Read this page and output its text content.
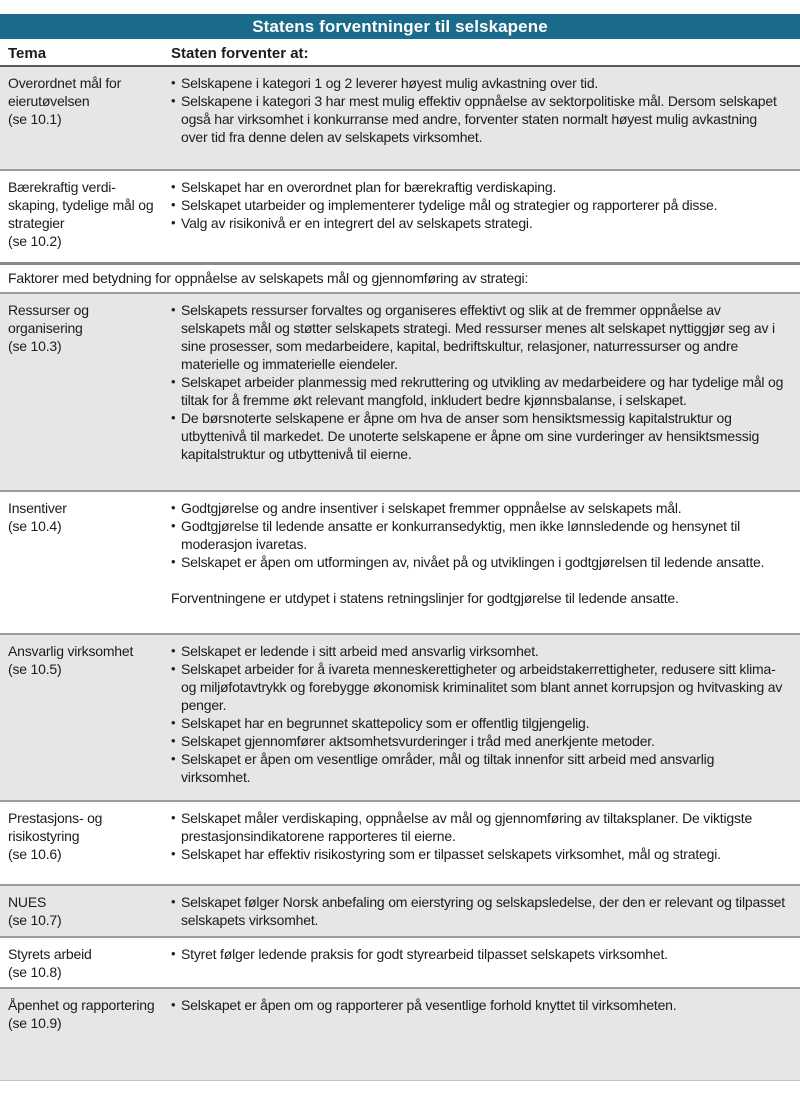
Statens forventninger til selskapene
Tema	Staten forventer at:
Overordnet mål for eierutøvelsen
(se 10.1)
• Selskapene i kategori 1 og 2 leverer høyest mulig avkastning over tid.
• Selskapene i kategori 3 har mest mulig effektiv oppnåelse av sektorpolitiske mål. Dersom selskapet også har virksomhet i konkurranse med andre, forventer staten normalt høyest mulig avkastning over tid fra denne delen av selskapets virksomhet.
Bærekraftig verdi-skaping, tydelige mål og strategier
(se 10.2)
• Selskapet har en overordnet plan for bærekraftig verdiskaping.
• Selskapet utarbeider og implementerer tydelige mål og strategier og rapporterer på disse.
• Valg av risikonivå er en integrert del av selskapets strategi.
Faktorer med betydning for oppnåelse av selskapets mål og gjennomføring av strategi:
Ressurser og organisering
(se 10.3)
• Selskapets ressurser forvaltes og organiseres effektivt og slik at de fremmer oppnåelse av selskapets mål og støtter selskapets strategi. Med ressurser menes alt selskapet nyttiggjør seg av i sine prosesser, som medarbeidere, kapital, bedriftskultur, relasjoner, naturressurser og andre materielle og immaterielle eiendeler.
• Selskapet arbeider planmessig med rekruttering og utvikling av medarbeidere og har tydelige mål og tiltak for å fremme økt relevant mangfold, inkludert bedre kjønnsbalanse, i selskapet.
• De børsnoterte selskapene er åpne om hva de anser som hensiktsmessig kapitalstruktur og utbyttenivå til markedet. De unoterte selskapene er åpne om sine vurderinger av hensiktsmessig kapitalstruktur og utbyttenivå til eierne.
Insentiver
(se 10.4)
• Godtgjørelse og andre insentiver i selskapet fremmer oppnåelse av selskapets mål.
• Godtgjørelse til ledende ansatte er konkurransedyktig, men ikke lønnsledende og hensynet til moderasjon ivaretas.
• Selskapet er åpen om utformingen av, nivået på og utviklingen i godtgjørelsen til ledende ansatte.
Forventningene er utdypet i statens retningslinjer for godtgjørelse til ledende ansatte.
Ansvarlig virksomhet
(se 10.5)
• Selskapet er ledende i sitt arbeid med ansvarlig virksomhet.
• Selskapet arbeider for å ivareta menneskerettigheter og arbeidstakerrettigheter, redusere sitt klima- og miljøfotavtrykk og forebygge økonomisk kriminalitet som blant annet korrupsjon og hvitvasking av penger.
• Selskapet har en begrunnet skattepolicy som er offentlig tilgjengelig.
• Selskapet gjennomfører aktsomhetsvurderinger i tråd med anerkjente metoder.
• Selskapet er åpen om vesentlige områder, mål og tiltak innenfor sitt arbeid med ansvarlig virksomhet.
Prestasjons- og risikostyring
(se 10.6)
• Selskapet måler verdiskaping, oppnåelse av mål og gjennomføring av tiltaksplaner. De viktigste prestasjonsindikatorene rapporteres til eierne.
• Selskapet har effektiv risikostyring som er tilpasset selskapets virksomhet, mål og strategi.
NUES
(se 10.7)
• Selskapet følger Norsk anbefaling om eierstyring og selskapsledelse, der den er relevant og tilpasset selskapets virksomhet.
Styrets arbeid
(se 10.8)
• Styret følger ledende praksis for godt styrearbeid tilpasset selskapets virksomhet.
Åpenhet og rapportering
(se 10.9)
• Selskapet er åpen om og rapporterer på vesentlige forhold knyttet til virksomheten.
